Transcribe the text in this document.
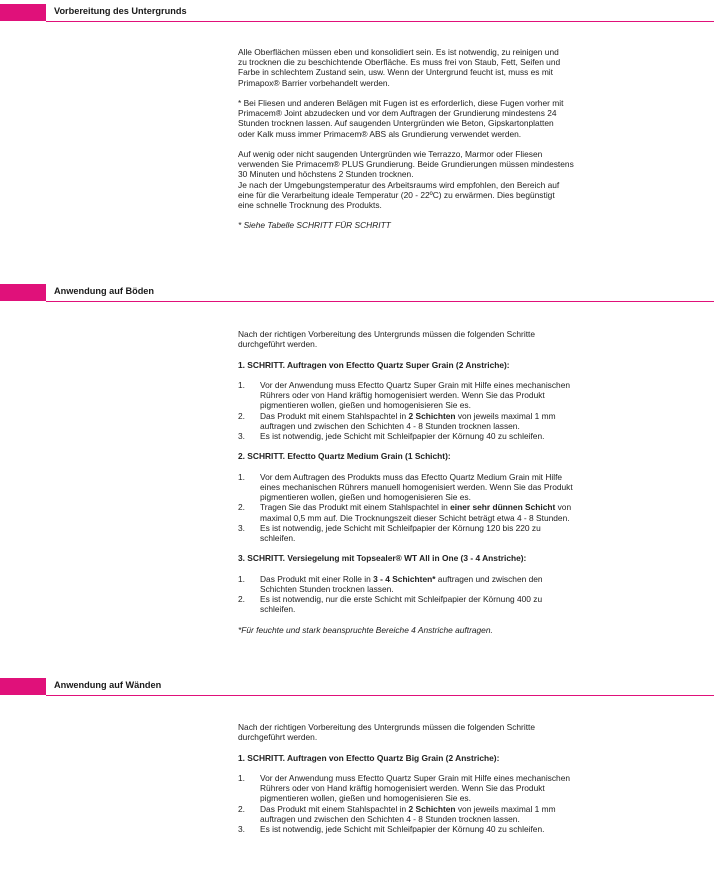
Vorbereitung des Untergrunds

Alle Oberflächen müssen eben und konsolidiert sein. Es ist notwendig, zu reinigen und

zu trocknen die zu beschichtende Oberfläche. Es muss frei von Staub, Fett, Seifen und

Farbe in schlechtem Zustand sein, usw. Wenn der Untergrund feucht ist, muss es mit

Primapox® Barrier vorbehandelt werden.

* Bei Fliesen und anderen Belägen mit Fugen ist es erforderlich, diese Fugen vorher mit

Primacem® Joint abzudecken und vor dem Auftragen der Grundierung mindestens 24

Stunden trocknen lassen. Auf saugenden Untergründen wie Beton, Gipskartonplatten

oder Kalk muss immer Primacem® ABS als Grundierung verwendet werden.

Auf wenig oder nicht saugenden Untergründen wie Terrazzo, Marmor oder Fliesen

verwenden Sie Primacem® PLUS Grundierung. Beide Grundierungen müssen mindestens

30 Minuten und höchstens 2 Stunden trocknen.

Je nach der Umgebungstemperatur des Arbeitsraums wird empfohlen, den Bereich auf

eine für die Verarbeitung ideale Temperatur (20 - 22ºC) zu erwärmen. Dies begünstigt

eine schnelle Trocknung des Produkts.

* Siehe Tabelle SCHRITT FÜR SCHRITT

Anwendung auf Böden

Nach der richtigen Vorbereitung des Untergrunds müssen die folgenden Schritte

durchgeführt werden.

1. SCHRITT. Auftragen von Efectto Quartz Super Grain (2 Anstriche):

1. Vor der Anwendung muss Efectto Quartz Super Grain mit Hilfe eines mechanischen
Rührers oder von Hand kräftig homogenisiert werden. Wenn Sie das Produkt
pigmentieren wollen, gießen und homogenisieren Sie es.
2. Das Produkt mit einem Stahlspachtel in 2 Schichten von jeweils maximal 1 mm
auftragen und zwischen den Schichten 4 - 8 Stunden trocknen lassen.
3. Es ist notwendig, jede Schicht mit Schleifpapier der Körnung 40 zu schleifen.

2. SCHRITT. Efectto Quartz Medium Grain (1 Schicht):

1. Vor dem Auftragen des Produkts muss das Efectto Quartz Medium Grain mit Hilfe
eines mechanischen Rührers manuell homogenisiert werden. Wenn Sie das Produkt
pigmentieren wollen, gießen und homogenisieren Sie es.
2. Tragen Sie das Produkt mit einem Stahlspachtel in einer sehr dünnen Schicht von
maximal 0,5 mm auf. Die Trocknungszeit dieser Schicht beträgt etwa 4 - 8 Stunden.
3. Es ist notwendig, jede Schicht mit Schleifpapier der Körnung 120 bis 220 zu
schleifen.

3. SCHRITT. Versiegelung mit Topsealer® WT All in One (3 - 4 Anstriche):

1. Das Produkt mit einer Rolle in 3 - 4 Schichten* auftragen und zwischen den
Schichten Stunden trocknen lassen.
2. Es ist notwendig, nur die erste Schicht mit Schleifpapier der Körnung 400 zu
schleifen.

*Für feuchte und stark beanspruchte Bereiche 4 Anstriche auftragen.

Anwendung auf Wänden

Nach der richtigen Vorbereitung des Untergrunds müssen die folgenden Schritte

durchgeführt werden.

1. SCHRITT. Auftragen von Efectto Quartz Big Grain (2 Anstriche):

1. Vor der Anwendung muss Efectto Quartz Super Grain mit Hilfe eines mechanischen
Rührers oder von Hand kräftig homogenisiert werden. Wenn Sie das Produkt
pigmentieren wollen, gießen und homogenisieren Sie es.
2. Das Produkt mit einem Stahlspachtel in 2 Schichten von jeweils maximal 1 mm
auftragen und zwischen den Schichten 4 - 8 Stunden trocknen lassen.
3. Es ist notwendig, jede Schicht mit Schleifpapier der Körnung 40 zu schleifen.
